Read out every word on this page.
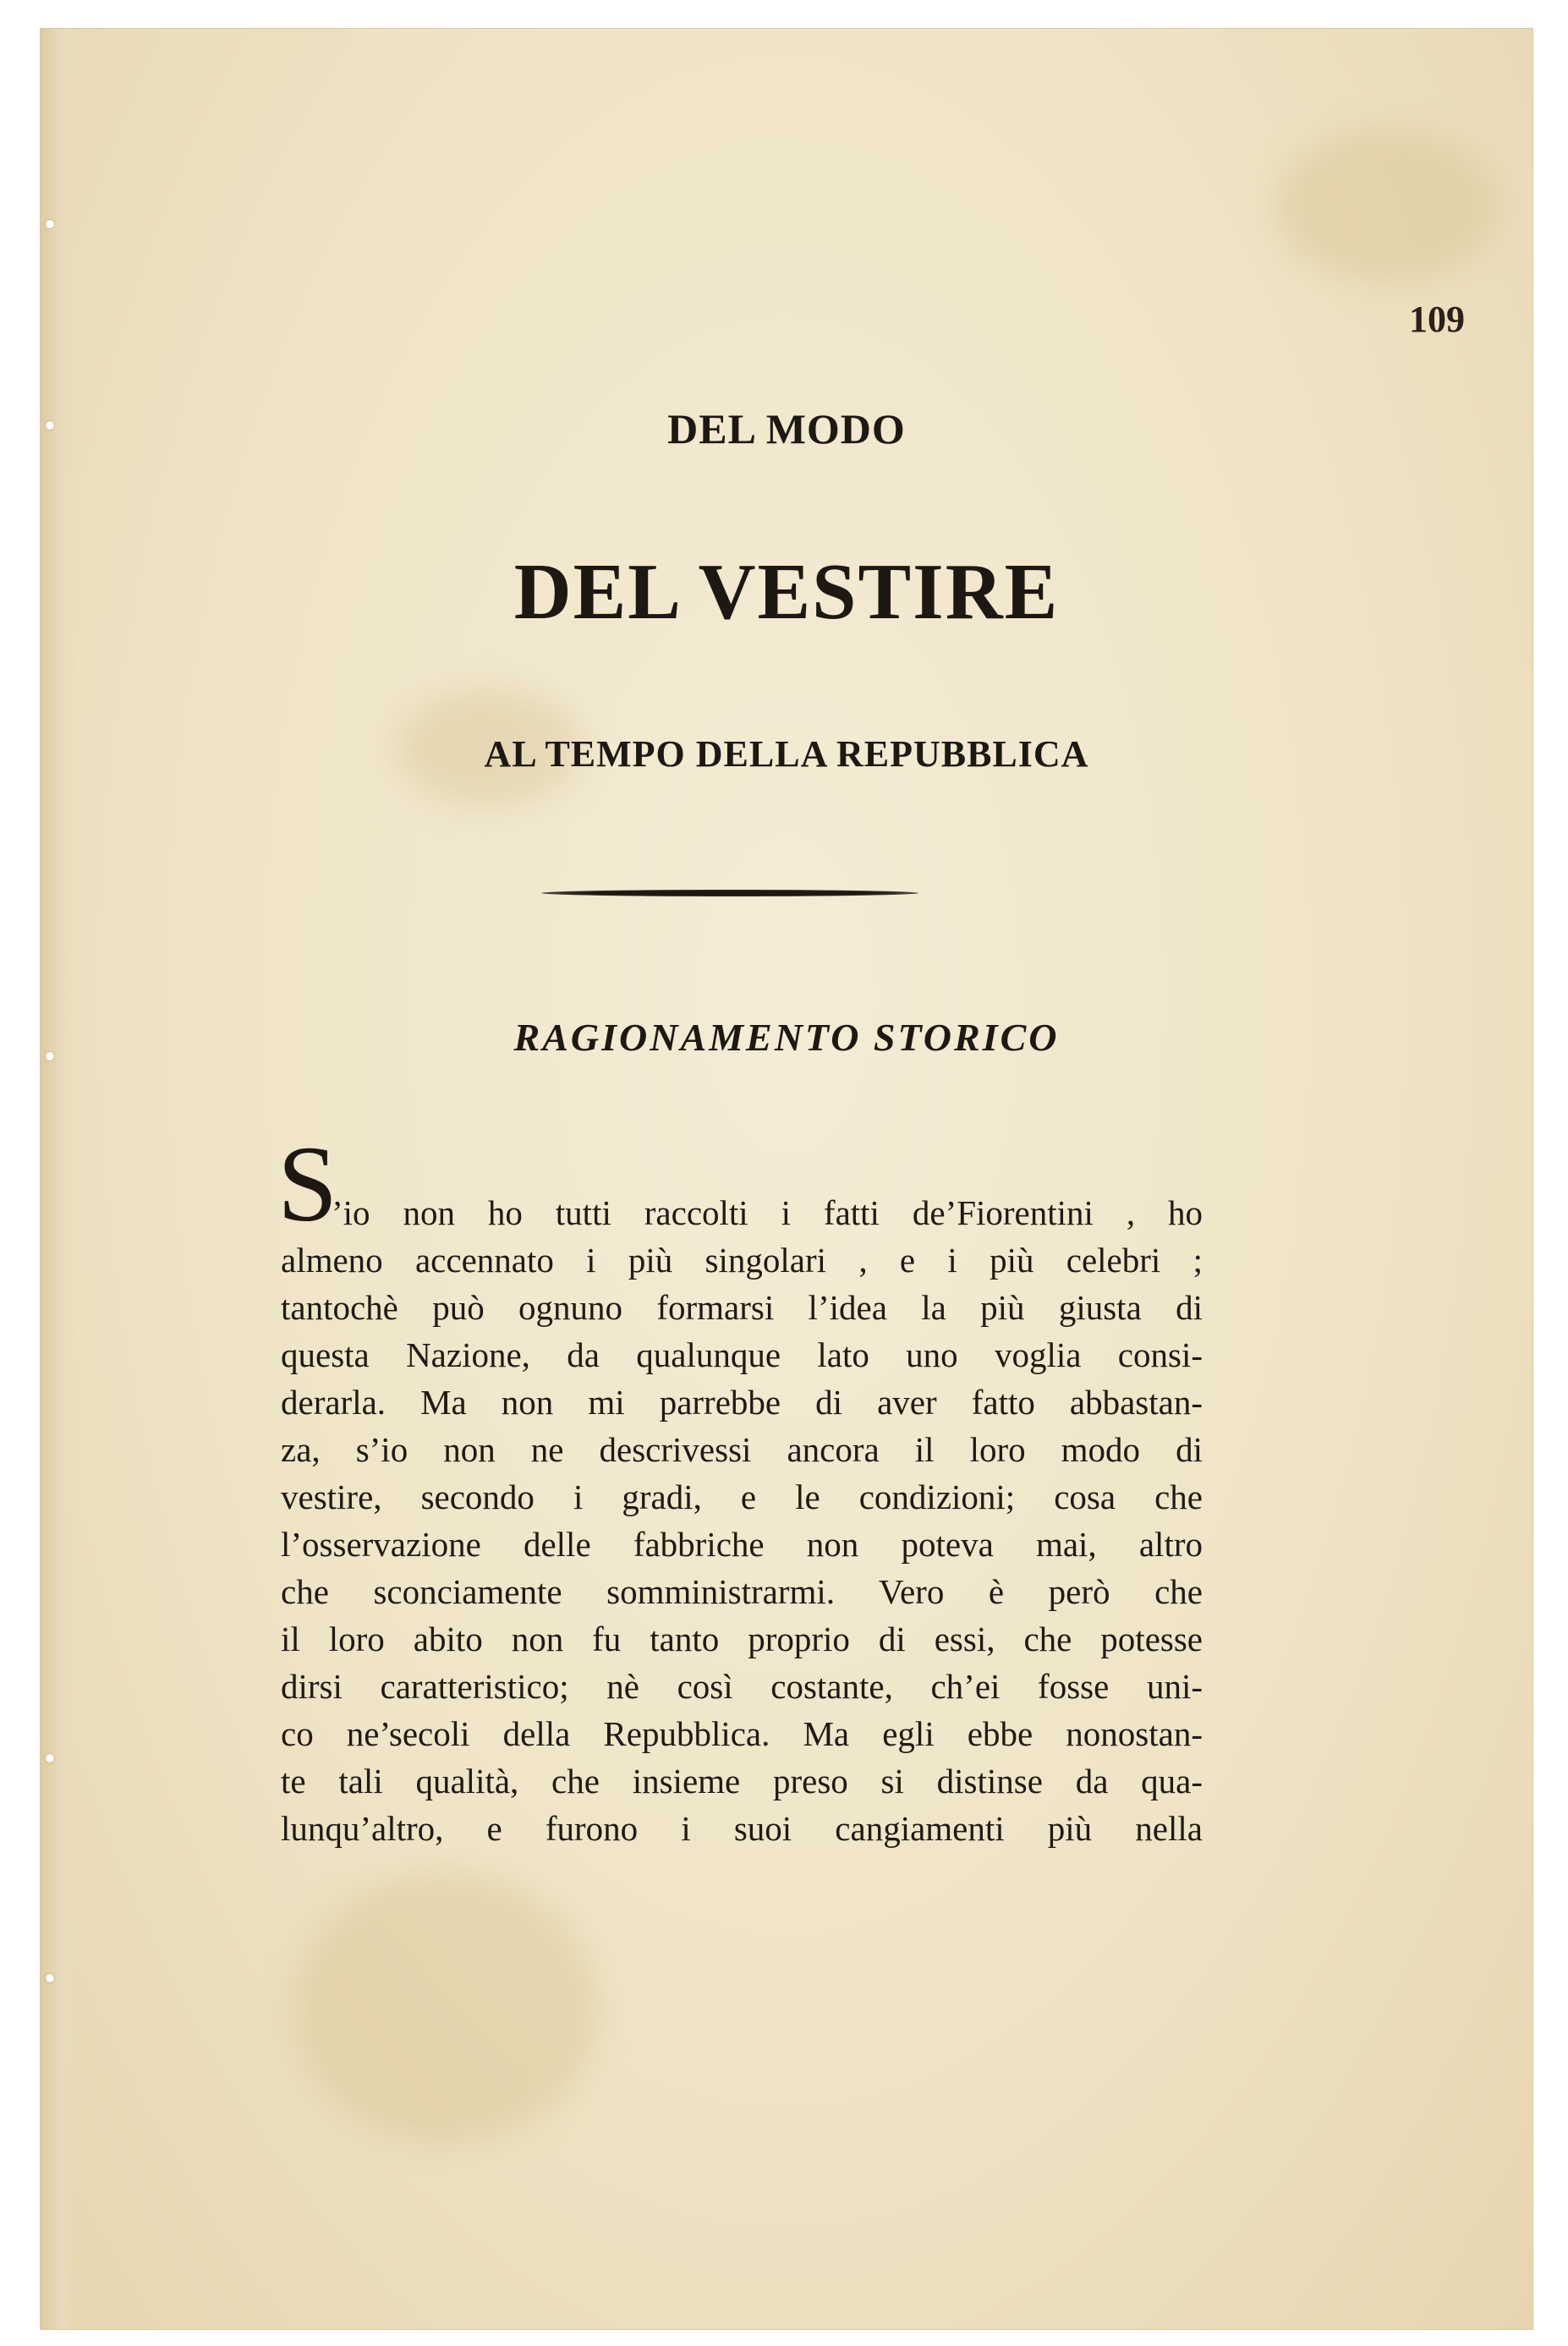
109
DEL MODO
DEL VESTIRE
AL TEMPO DELLA REPUBBLICA
RAGIONAMENTO STORICO
S
’io non ho tutti raccolti i fatti de’Fiorentini , ho
almeno accennato i più singolari , e i più celebri ;
tantochè può ognuno formarsi l’idea la più giusta di
questa Nazione, da qualunque lato uno voglia consi-
derarla. Ma non mi parrebbe di aver fatto abbastan-
za, s’io non ne descrivessi ancora il loro modo di
vestire, secondo i gradi, e le condizioni; cosa che
l’osservazione delle fabbriche non poteva mai, altro
che sconciamente somministrarmi. Vero è però che
il loro abito non fu tanto proprio di essi, che potesse
dirsi caratteristico; nè così costante, ch’ei fosse uni-
co ne’secoli della Repubblica. Ma egli ebbe nonostan-
te tali qualità, che insieme preso si distinse da qua-
lunqu’altro, e furono i suoi cangiamenti più nella
